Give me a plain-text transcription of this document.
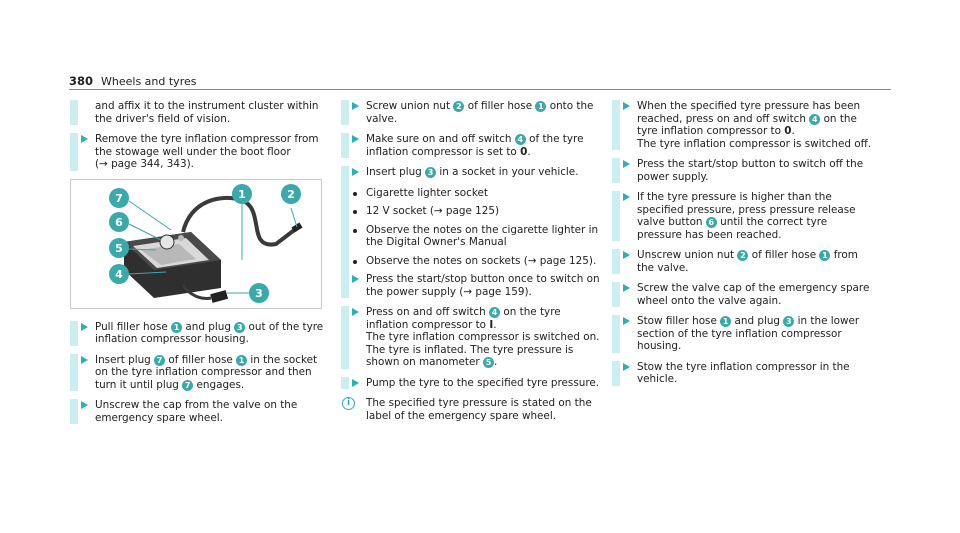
380 Wheels and tyres
and affix it to the instrument cluster within the driver's field of vision.
Remove the tyre inflation compressor from the stowage well under the boot floor
(→ page 344, 343).
7
6
5
4
1	2
3
Pull filler hose 1 and plug 3 out of the tyre inflation compressor housing.
Insert plug 7 of filler hose 1 in the socket on the tyre inflation compressor and then turn it until plug 7 engages.
Unscrew the cap from the valve on the emergency spare wheel.
Screw union nut 2 of filler hose 1 onto the valve.
Make sure on and off switch 4 of the tyre inflation compressor is set to 0.
Insert plug 3 in a socket in your vehicle.
Cigarette lighter socket
12 V socket (→ page 125)
Observe the notes on the cigarette lighter in the Digital Owner's Manual
Observe the notes on sockets (→ page 125).
Press the start/stop button once to switch on the power supply (→ page 159).
Press on and off switch 4 on the tyre inflation compressor to I.
The tyre inflation compressor is switched on. The tyre is inflated. The tyre pressure is shown on manometer 5 .
Pump the tyre to the specified tyre pressure.
i	The specified tyre pressure is stated on the label of the emergency spare wheel.
When the specified tyre pressure has been reached, press on and off switch 4 on the tyre inflation compressor to 0.
The tyre inflation compressor is switched off.
Press the start/stop button to switch off the power supply.
If the tyre pressure is higher than the specified pressure, press pressure release valve button 6 until the correct tyre pressure has been reached.
Unscrew union nut 2 of filler hose 1 from the valve.
Screw the valve cap of the emergency spare wheel onto the valve again.
Stow filler hose 1 and plug 3 in the lower section of the tyre inflation compressor housing.
Stow the tyre inflation compressor in the vehicle.
